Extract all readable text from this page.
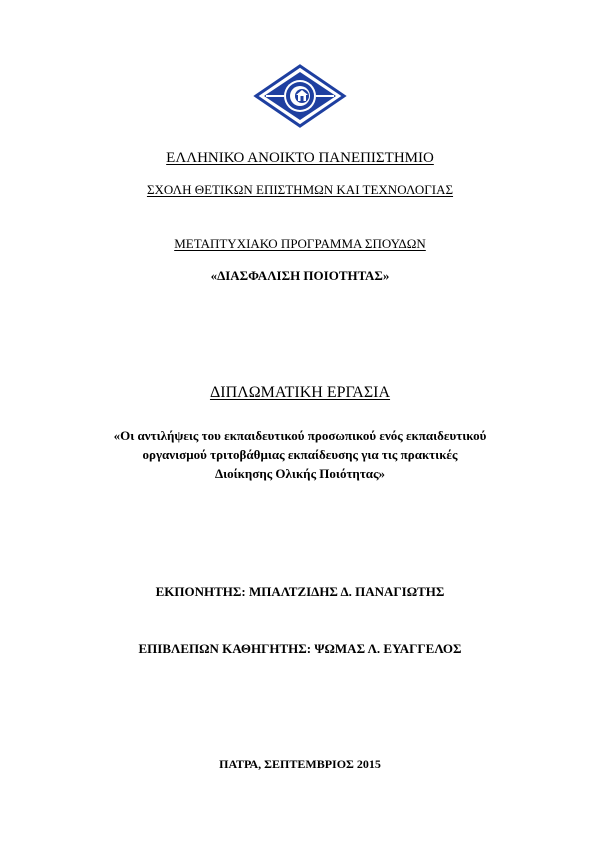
ΕΛΛΗΝΙΚΟ ΑΝΟΙΚΤΟ ΠΑΝΕΠΙΣΤΗΜΙΟ
ΣΧΟΛΗ ΘΕΤΙΚΩΝ ΕΠΙΣΤΗΜΩΝ ΚΑΙ ΤΕΧΝΟΛΟΓΙΑΣ
ΜΕΤΑΠΤΥΧΙΑΚΟ ΠΡΟΓΡΑΜΜΑ ΣΠΟΥΔΩΝ
«ΔΙΑΣΦΑΛΙΣΗ ΠΟΙΟΤΗΤΑΣ»
ΔΙΠΛΩΜΑΤΙΚΗ ΕΡΓΑΣΙΑ
«Οι αντιλήψεις του εκπαιδευτικού προσωπικού ενός εκπαιδευτικού
οργανισμού τριτοβάθμιας εκπαίδευσης για τις πρακτικές
Διοίκησης Ολικής Ποιότητας»
ΕΚΠΟΝΗΤΗΣ: ΜΠΑΛΤΖΙΔΗΣ Δ. ΠΑΝΑΓΙΩΤΗΣ
ΕΠΙΒΛΕΠΩΝ ΚΑΘΗΓΗΤΗΣ: ΨΩΜΑΣ Λ. ΕΥΑΓΓΕΛΟΣ
ΠΑΤΡΑ, ΣΕΠΤΕΜΒΡΙΟΣ 2015
